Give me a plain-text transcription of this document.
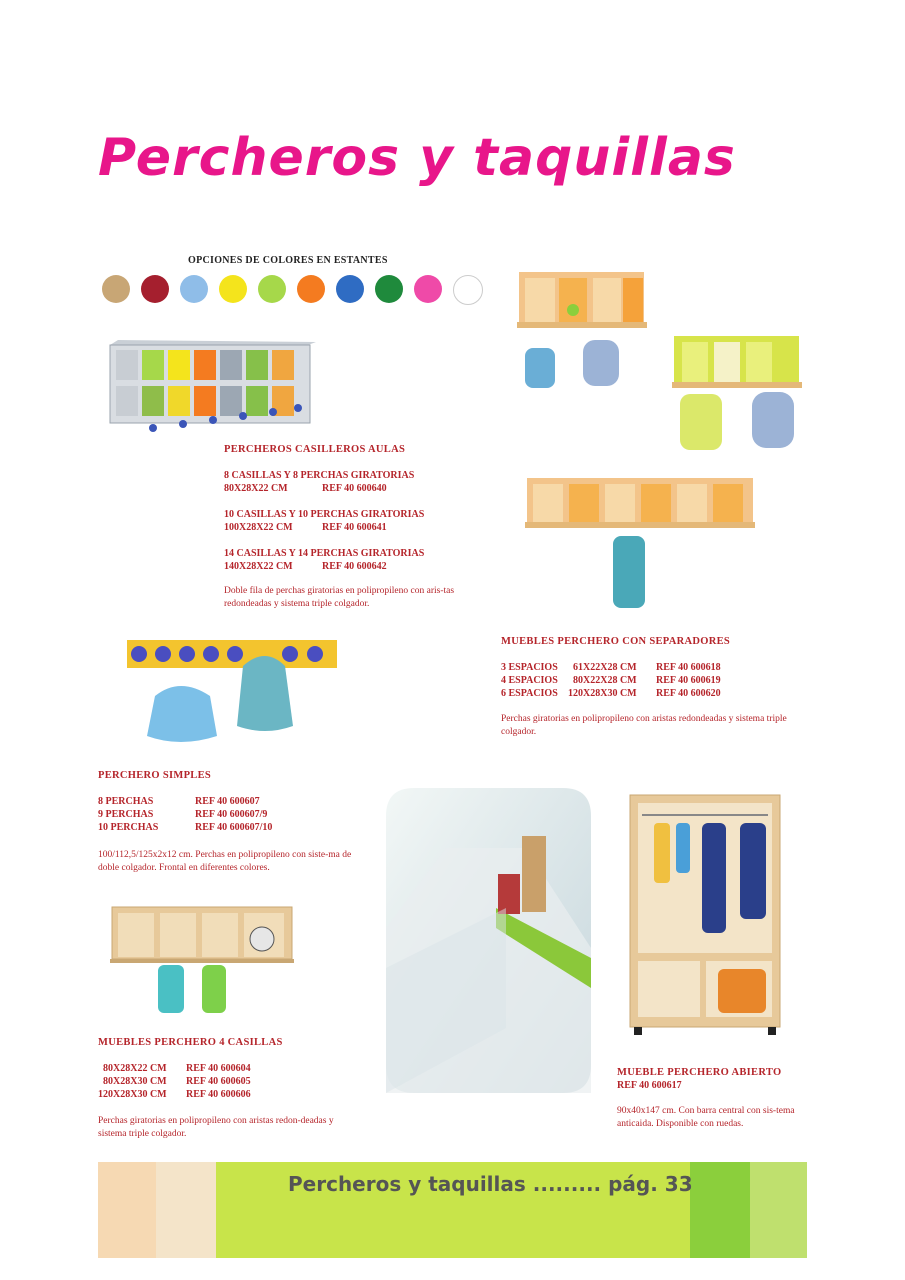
Percheros y taquillas
OPCIONES DE COLORES EN ESTANTES
PERCHEROS CASILLEROS AULAS
8 CASILLAS Y 8 PERCHAS GIRATORIAS
80X28X22 CM	REF 40 600640
10 CASILLAS Y 10 PERCHAS GIRATORIAS
100X28X22 CM	REF 40 600641
14 CASILLAS Y 14 PERCHAS GIRATORIAS
140X28X22 CM	REF 40 600642
Doble fila de perchas giratorias en polipropileno con aris-tas redondeadas y sistema triple colgador.
MUEBLES PERCHERO CON SEPARADORES
3 ESPACIOS	61X22X28 CM	REF 40 600618
4 ESPACIOS	80X22X28 CM	REF 40 600619
6 ESPACIOS	120X28X30 CM	REF 40 600620
Perchas giratorias en polipropileno con aristas redondeadas y sistema triple colgador.
PERCHERO SIMPLES
8 PERCHAS	REF 40 600607
9 PERCHAS	REF 40 600607/9
10 PERCHAS	REF 40 600607/10
100/112,5/125x2x12 cm. Perchas en polipropileno con siste-ma de doble colgador. Frontal en diferentes colores.
MUEBLES PERCHERO 4 CASILLAS
80X28X22 CM	REF 40 600604
80X28X30 CM	REF 40 600605
120X28X30 CM	REF 40 600606
Perchas giratorias en polipropileno con aristas redon-deadas y sistema triple colgador.
MUEBLE PERCHERO ABIERTO
REF 40 600617
90x40x147 cm. Con barra central con sis-tema anticaida. Disponible con ruedas.
Percheros y taquillas ......... pág. 33
